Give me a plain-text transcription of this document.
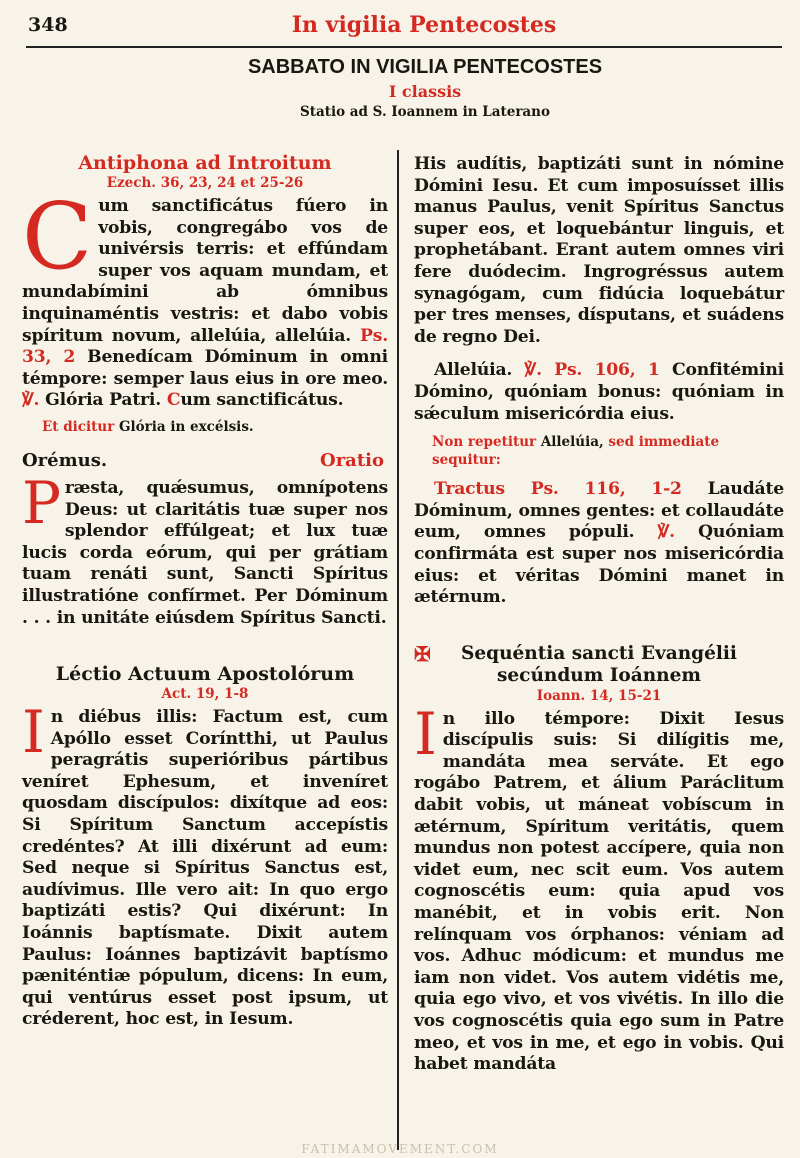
348	In vigilia Pentecostes
SABBATO IN VIGILIA PENTECOSTES
I classis
Statio ad S. Ioannem in Laterano
Antiphona ad Introitum
Ezech. 36, 23, 24 et 25-26

Cum sanctificátus fúero in vobis, congregábo vos de univérsis terris: et effúndam super vos aquam mundam, et mundabímini ab ómnibus inquinaméntis vestris: et dabo vobis spíritum novum, allelúia, allelúia. Ps. 33, 2 Benedícam Dóminum in omni témpore: semper laus eius in ore meo. ℣. Glória Patri. Cum sanctificátus.

Et dicitur Glória in excélsis.
Orémus.	Oratio

Præsta, quǽsumus, omnípotens Deus: ut claritátis tuæ super nos splendor effúlgeat; et lux tuæ lucis corda eórum, qui per grátiam tuam renáti sunt, Sancti Spíritus illustratióne confírmet. Per Dóminum . . . in unitáte eiúsdem Spíritus Sancti.

Léctio Actuum Apostolórum
Act. 19, 1-8

In diébus illis: Factum est, cum Apóllo esset Coríntthi, ut Paulus peragrátis superióribus pártibus veníret Ephesum, et inveníret quosdam discípulos: dixítque ad eos: Si Spíritum Sanctum accepístis credéntes? At illi dixérunt ad eum: Sed neque si Spíritus Sanctus est, audívimus. Ille vero ait: In quo ergo baptizáti estis? Qui dixérunt: In Ioánnis baptísmate. Dixit autem Paulus: Ioánnes baptizávit baptísmo pæniténtiæ pópulum, dicens: In eum, qui ventúrus esset post ipsum, ut créderent, hoc est, in Iesum.

His audítis, baptizáti sunt in nómine Dómini Iesu. Et cum imposuísset illis manus Paulus, venit Spíritus Sanctus super eos, et loquebántur linguis, et prophetábant. Erant autem omnes viri fere duódecim. Ingrogréssus autem synagógam, cum fidúcia loquebátur per tres menses, dísputans, et suádens de regno Dei.

Allelúia. ℣. Ps. 106, 1 Confitémini Dómino, quóniam bonus: quóniam in sǽculum misericórdia eius.

Non repetitur Allelúia, sed immediate sequitur:

Tractus Ps. 116, 1-2 Laudáte Dóminum, omnes gentes: et collaudáte eum, omnes pópuli. ℣. Quóniam confirmáta est super nos misericórdia eius: et véritas Dómini manet in ætérnum.

✠	Sequéntia sancti Evangélii
secúndum Ioánnem
Ioann. 14, 15-21

In illo témpore: Dixit Iesus discípulis suis: Si dilígitis me, mandáta mea serváte. Et ego rogábo Patrem, et álium Paráclitum dabit vobis, ut máneat vobíscum in ætérnum, Spíritum veritátis, quem mundus non potest accípere, quia non videt eum, nec scit eum. Vos autem cognoscétis eum: quia apud vos manébit, et in vobis erit. Non relínquam vos órphanos: véniam ad vos. Adhuc módicum: et mundus me iam non videt. Vos autem vidétis me, quia ego vivo, et vos vivétis. In illo die vos cognoscétis quia ego sum in Patre meo, et vos in me, et ego in vobis. Qui habet mandáta

FATIMAMOVEMENT.COM
